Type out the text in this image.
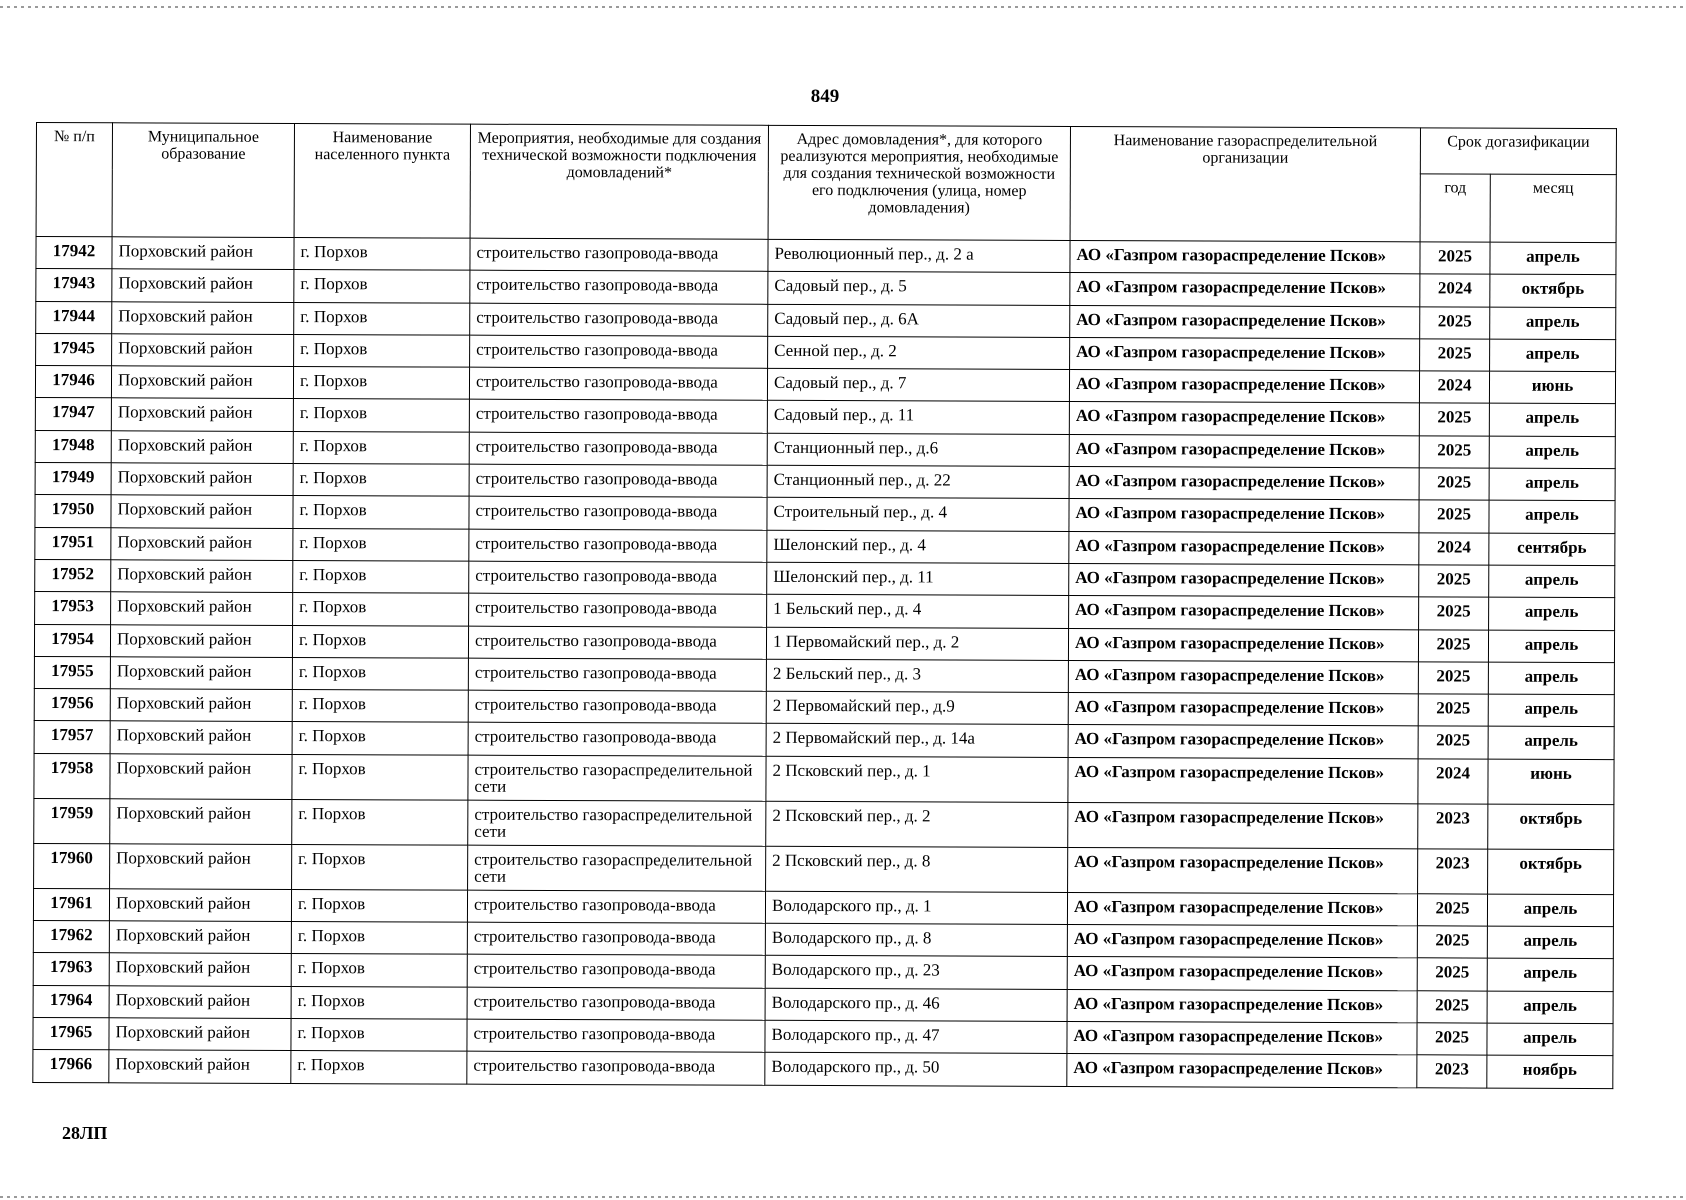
849
№ п/п	Муниципальное образование	Наименование населенного пункта	Мероприятия, необходимые для создания технической возможности подключения домовладений*	Адрес домовладения*, для которого реализуются мероприятия, необходимые для создания технической возможности его подключения (улица, номер домовладения)	Наименование газораспределительной организации	Срок догазификации	
						год	месяц
17942	Порховский район	г. Порхов	строительство газопровода-ввода	Революционный пер., д. 2 а	АО «Газпром газораспределение Псков»	2025	апрель
17943	Порховский район	г. Порхов	строительство газопровода-ввода	Садовый пер., д. 5	АО «Газпром газораспределение Псков»	2024	октябрь
17944	Порховский район	г. Порхов	строительство газопровода-ввода	Садовый пер., д. 6А	АО «Газпром газораспределение Псков»	2025	апрель
17945	Порховский район	г. Порхов	строительство газопровода-ввода	Сенной пер., д. 2	АО «Газпром газораспределение Псков»	2025	апрель
17946	Порховский район	г. Порхов	строительство газопровода-ввода	Садовый пер., д. 7	АО «Газпром газораспределение Псков»	2024	июнь
17947	Порховский район	г. Порхов	строительство газопровода-ввода	Садовый пер., д. 11	АО «Газпром газораспределение Псков»	2025	апрель
17948	Порховский район	г. Порхов	строительство газопровода-ввода	Станционный пер., д.6	АО «Газпром газораспределение Псков»	2025	апрель
17949	Порховский район	г. Порхов	строительство газопровода-ввода	Станционный пер., д. 22	АО «Газпром газораспределение Псков»	2025	апрель
17950	Порховский район	г. Порхов	строительство газопровода-ввода	Строительный пер., д. 4	АО «Газпром газораспределение Псков»	2025	апрель
17951	Порховский район	г. Порхов	строительство газопровода-ввода	Шелонский пер., д. 4	АО «Газпром газораспределение Псков»	2024	сентябрь
17952	Порховский район	г. Порхов	строительство газопровода-ввода	Шелонский пер., д. 11	АО «Газпром газораспределение Псков»	2025	апрель
17953	Порховский район	г. Порхов	строительство газопровода-ввода	1 Бельский пер., д. 4	АО «Газпром газораспределение Псков»	2025	апрель
17954	Порховский район	г. Порхов	строительство газопровода-ввода	1 Первомайский пер., д. 2	АО «Газпром газораспределение Псков»	2025	апрель
17955	Порховский район	г. Порхов	строительство газопровода-ввода	2 Бельский пер., д. 3	АО «Газпром газораспределение Псков»	2025	апрель
17956	Порховский район	г. Порхов	строительство газопровода-ввода	2 Первомайский пер., д.9	АО «Газпром газораспределение Псков»	2025	апрель
17957	Порховский район	г. Порхов	строительство газопровода-ввода	2 Первомайский пер., д. 14а	АО «Газпром газораспределение Псков»	2025	апрель
17958	Порховский район	г. Порхов	строительство газораспределительной сети	2 Псковский пер., д. 1	АО «Газпром газораспределение Псков»	2024	июнь
17959	Порховский район	г. Порхов	строительство газораспределительной сети	2 Псковский пер., д. 2	АО «Газпром газораспределение Псков»	2023	октябрь
17960	Порховский район	г. Порхов	строительство газораспределительной сети	2 Псковский пер., д. 8	АО «Газпром газораспределение Псков»	2023	октябрь
17961	Порховский район	г. Порхов	строительство газопровода-ввода	Володарского пр., д. 1	АО «Газпром газораспределение Псков»	2025	апрель
17962	Порховский район	г. Порхов	строительство газопровода-ввода	Володарского пр., д. 8	АО «Газпром газораспределение Псков»	2025	апрель
17963	Порховский район	г. Порхов	строительство газопровода-ввода	Володарского пр., д. 23	АО «Газпром газораспределение Псков»	2025	апрель
17964	Порховский район	г. Порхов	строительство газопровода-ввода	Володарского пр., д. 46	АО «Газпром газораспределение Псков»	2025	апрель
17965	Порховский район	г. Порхов	строительство газопровода-ввода	Володарского пр., д. 47	АО «Газпром газораспределение Псков»	2025	апрель
17966	Порховский район	г. Порхов	строительство газопровода-ввода	Володарского пр., д. 50	АО «Газпром газораспределение Псков»	2023	ноябрь
28ЛП
